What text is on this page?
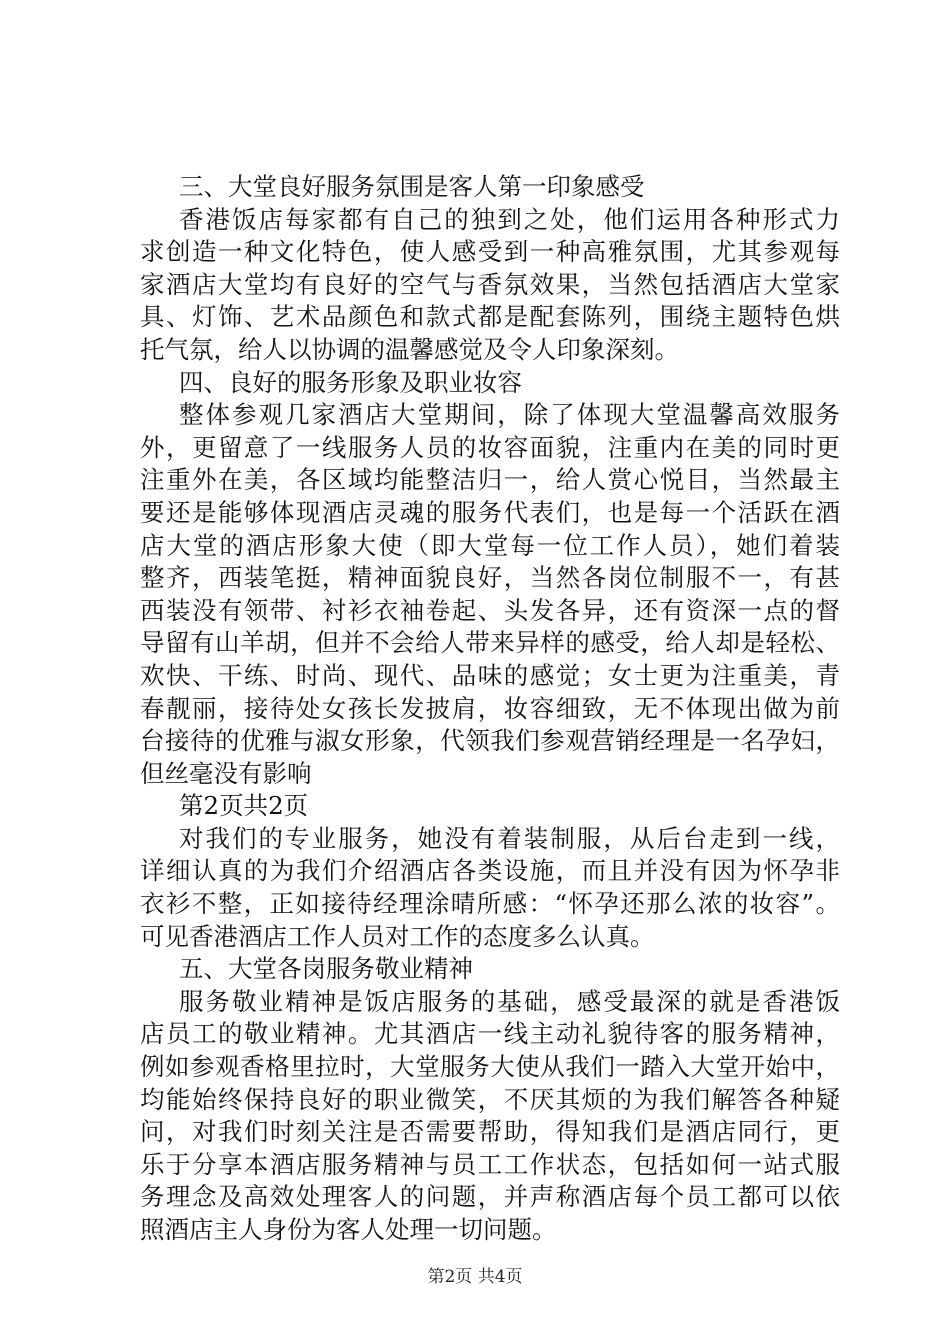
三、大堂良好服务氛围是客人第一印象感受

香港饭店每家都有自己的独到之处，他们运用各种形式力

求创造一种文化特色，使人感受到一种高雅氛围，尤其参观每

家酒店大堂均有良好的空气与香氛效果，当然包括酒店大堂家

具、灯饰、艺术品颜色和款式都是配套陈列，围绕主题特色烘

托气氛，给人以协调的温馨感觉及令人印象深刻。

四、良好的服务形象及职业妆容

整体参观几家酒店大堂期间，除了体现大堂温馨高效服务

外，更留意了一线服务人员的妆容面貌，注重内在美的同时更

注重外在美，各区域均能整洁归一，给人赏心悦目，当然最主

要还是能够体现酒店灵魂的服务代表们，也是每一个活跃在酒

店大堂的酒店形象大使（即大堂每一位工作人员），她们着装

整齐，西装笔挺，精神面貌良好，当然各岗位制服不一，有甚

西装没有领带、衬衫衣袖卷起、头发各异，还有资深一点的督

导留有山羊胡，但并不会给人带来异样的感受，给人却是轻松、

欢快、干练、时尚、现代、品味的感觉；女士更为注重美，青

春靓丽，接待处女孩长发披肩，妆容细致，无不体现出做为前

台接待的优雅与淑女形象，代领我们参观营销经理是一名孕妇，

但丝毫没有影响

第2页共2页

对我们的专业服务，她没有着装制服，从后台走到一线，

详细认真的为我们介绍酒店各类设施，而且并没有因为怀孕非

衣衫不整，正如接待经理涂晴所感：“怀孕还那么浓的妆容”。

可见香港酒店工作人员对工作的态度多么认真。

五、大堂各岗服务敬业精神

服务敬业精神是饭店服务的基础，感受最深的就是香港饭

店员工的敬业精神。尤其酒店一线主动礼貌待客的服务精神，

例如参观香格里拉时，大堂服务大使从我们一踏入大堂开始中，

均能始终保持良好的职业微笑，不厌其烦的为我们解答各种疑

问，对我们时刻关注是否需要帮助，得知我们是酒店同行，更

乐于分享本酒店服务精神与员工工作状态，包括如何一站式服

务理念及高效处理客人的问题，并声称酒店每个员工都可以依

照酒店主人身份为客人处理一切问题。

第2页 共4页
